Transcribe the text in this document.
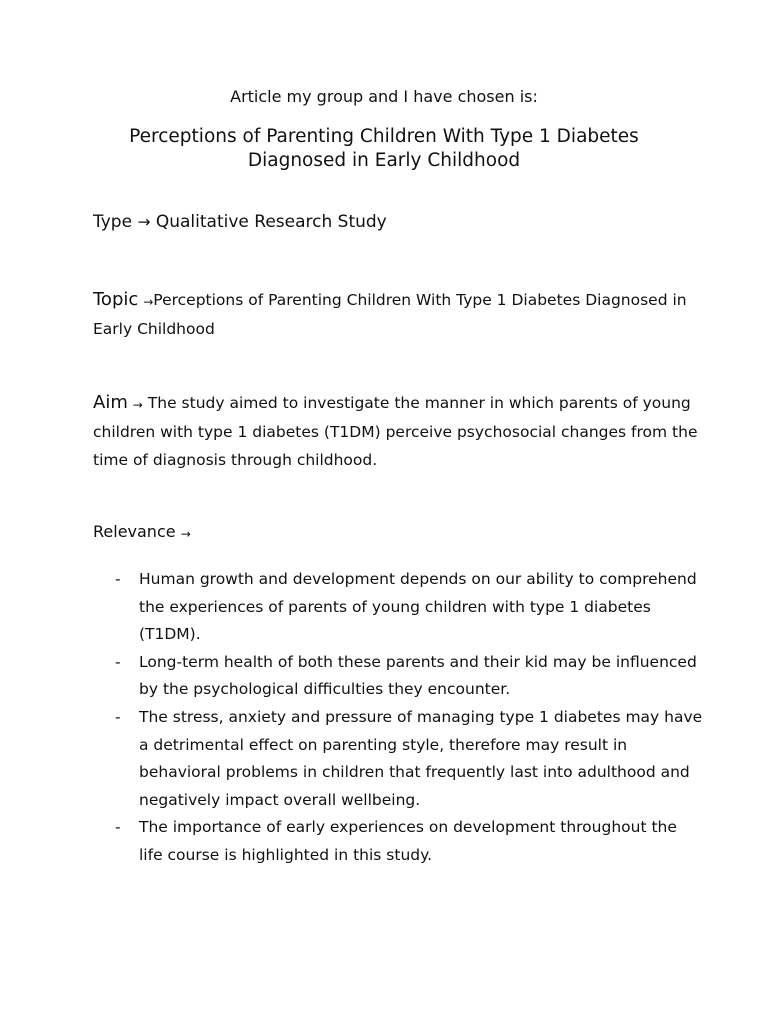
Article my group and I have chosen is:
Perceptions of Parenting Children With Type 1 Diabetes
Diagnosed in Early Childhood
Type → Qualitative Research Study
Topic →Perceptions of Parenting Children With Type 1 Diabetes Diagnosed in Early Childhood
Aim → The study aimed to investigate the manner in which parents of young children with type 1 diabetes (T1DM) perceive psychosocial changes from the time of diagnosis through childhood.
Relevance →
- Human growth and development depends on our ability to comprehend the experiences of parents of young children with type 1 diabetes (T1DM).
- Long-term health of both these parents and their kid may be influenced by the psychological difficulties they encounter.
- The stress, anxiety and pressure of managing type 1 diabetes may have a detrimental effect on parenting style, therefore may result in behavioral problems in children that frequently last into adulthood and negatively impact overall wellbeing.
- The importance of early experiences on development throughout the life course is highlighted in this study.
